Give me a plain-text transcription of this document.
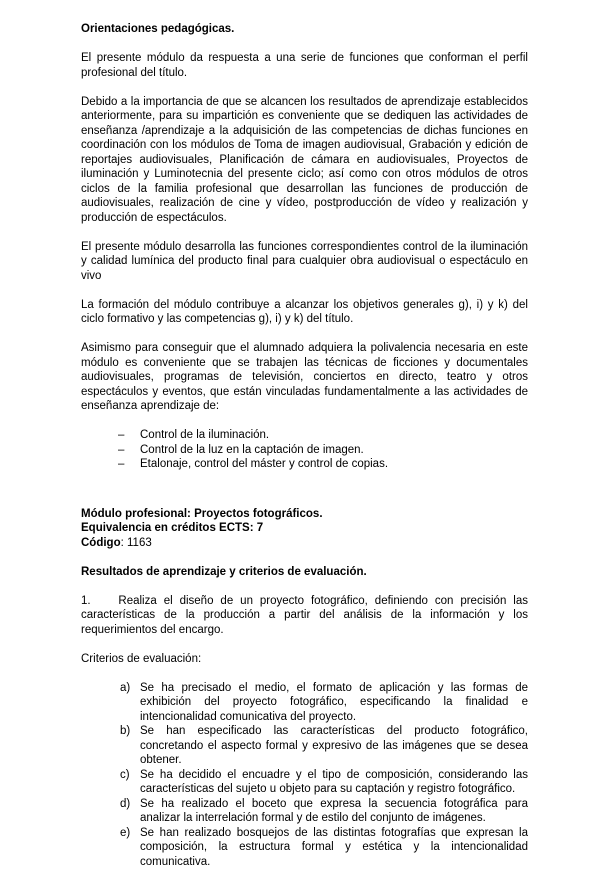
Orientaciones pedagógicas.

El presente módulo da respuesta a una serie de funciones que conforman el perfil profesional del título.

Debido a la importancia de que se alcancen los resultados de aprendizaje establecidos anteriormente, para su impartición es conveniente que se dediquen las actividades de enseñanza /aprendizaje a la adquisición de las competencias de dichas funciones en coordinación con los módulos de Toma de imagen audiovisual, Grabación y edición de reportajes audiovisuales, Planificación de cámara en audiovisuales, Proyectos de iluminación y Luminotecnia del presente ciclo; así como con otros módulos de otros ciclos de la familia profesional que desarrollan las funciones de producción de audiovisuales, realización de cine y vídeo, postproducción de vídeo y realización y producción de espectáculos.

El presente módulo desarrolla las funciones correspondientes control de la iluminación y calidad lumínica del producto final para cualquier obra audiovisual o espectáculo en vivo

La formación del módulo contribuye a alcanzar los objetivos generales g), i) y k) del ciclo formativo y las competencias g), i) y k) del título.

Asimismo para conseguir que el alumnado adquiera la polivalencia necesaria en este módulo es conveniente que se trabajen las técnicas de ficciones y documentales audiovisuales, programas de televisión, conciertos en directo, teatro y otros espectáculos y eventos, que están vinculadas fundamentalmente a las actividades de enseñanza aprendizaje de:

– Control de la iluminación.
– Control de la luz en la captación de imagen.
– Etalonaje, control del máster y control de copias.

Módulo profesional: Proyectos fotográficos.

Equivalencia en créditos ECTS: 7

Código: 1163

Resultados de aprendizaje y criterios de evaluación.

1.    Realiza el diseño de un proyecto fotográfico, definiendo con precisión las características de la producción a partir del análisis de la información y los requerimientos del encargo.

Criterios de evaluación:

a) Se ha precisado el medio, el formato de aplicación y las formas de exhibición del proyecto fotográfico, especificando la finalidad e intencionalidad comunicativa del proyecto.
b) Se han especificado las características del producto fotográfico, concretando el aspecto formal y expresivo de las imágenes que se desea obtener.
c) Se ha decidido el encuadre y el tipo de composición, considerando las características del sujeto u objeto para su captación y registro fotográfico.
d) Se ha realizado el boceto que expresa la secuencia fotográfica para analizar la interrelación formal y de estilo del conjunto de imágenes.
e) Se han realizado bosquejos de las distintas fotografías que expresan la composición, la estructura formal y estética y la intencionalidad comunicativa.
